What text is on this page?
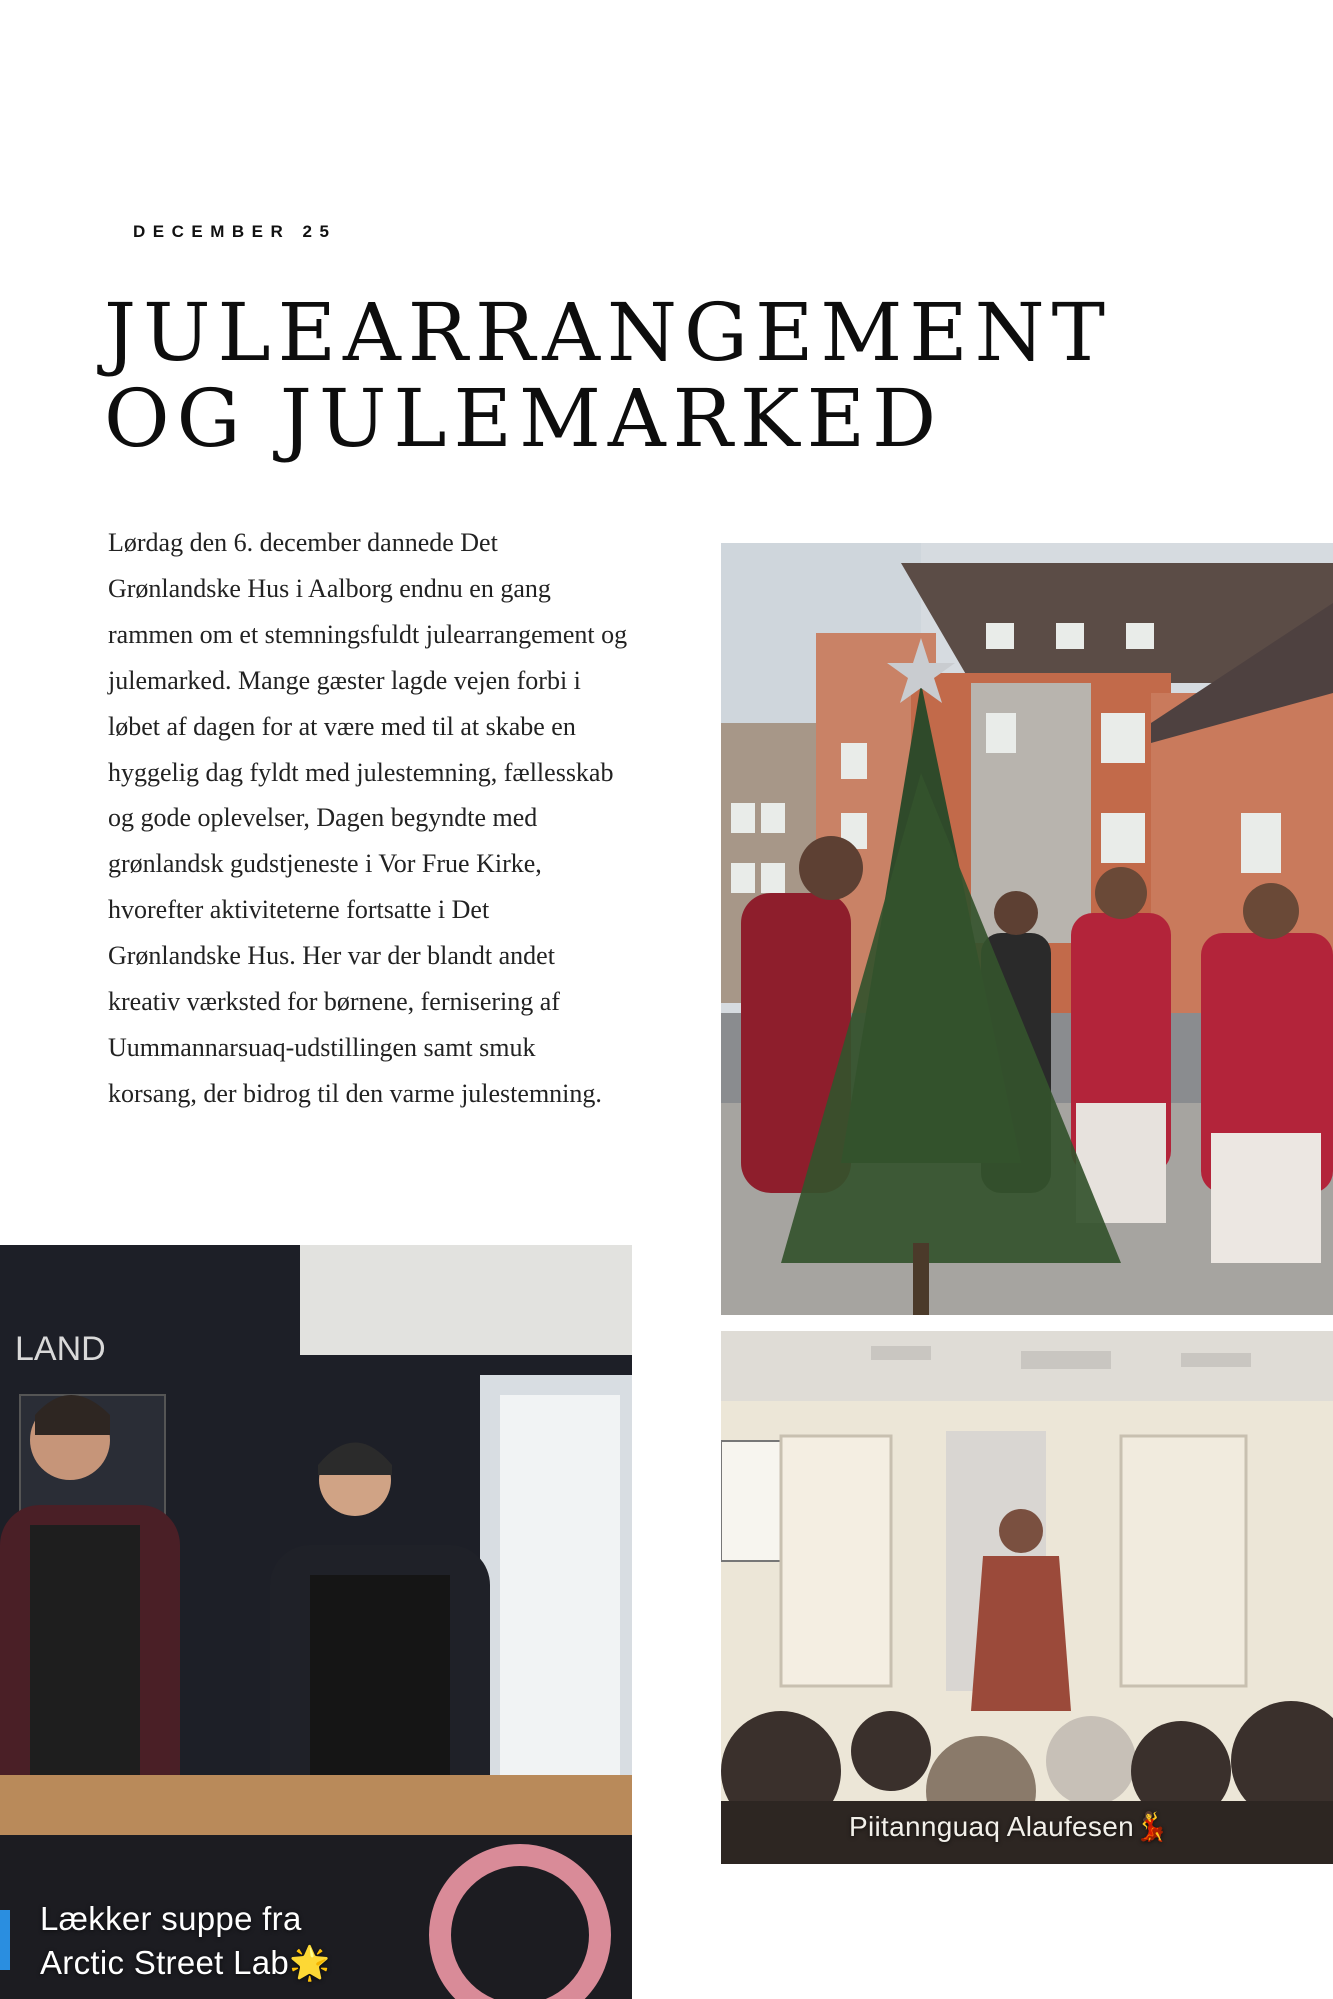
DECEMBER 25
JULEARRANGEMENT
OG JULEMARKED

Lørdag den 6. december dannede Det Grønlandske Hus i Aalborg endnu en gang rammen om et stemningsfuldt julearrangement og julemarked. Mange gæster lagde vejen forbi i løbet af dagen for at være med til at skabe en hyggelig dag fyldt med julestemning, fællesskab og gode oplevelser, Dagen begyndte med grønlandsk gudstjeneste i Vor Frue Kirke, hvorefter aktiviteterne fortsatte i Det Grønlandske Hus. Her var der blandt andet kreativ værksted for børnene, fernisering af Uummannarsuaq-udstillingen samt smuk korsang, der bidrog til den varme julestemning.

LAND
Lækker suppe fra
Arctic Street Lab🌟
Piitannguaq Alaufesen💃
